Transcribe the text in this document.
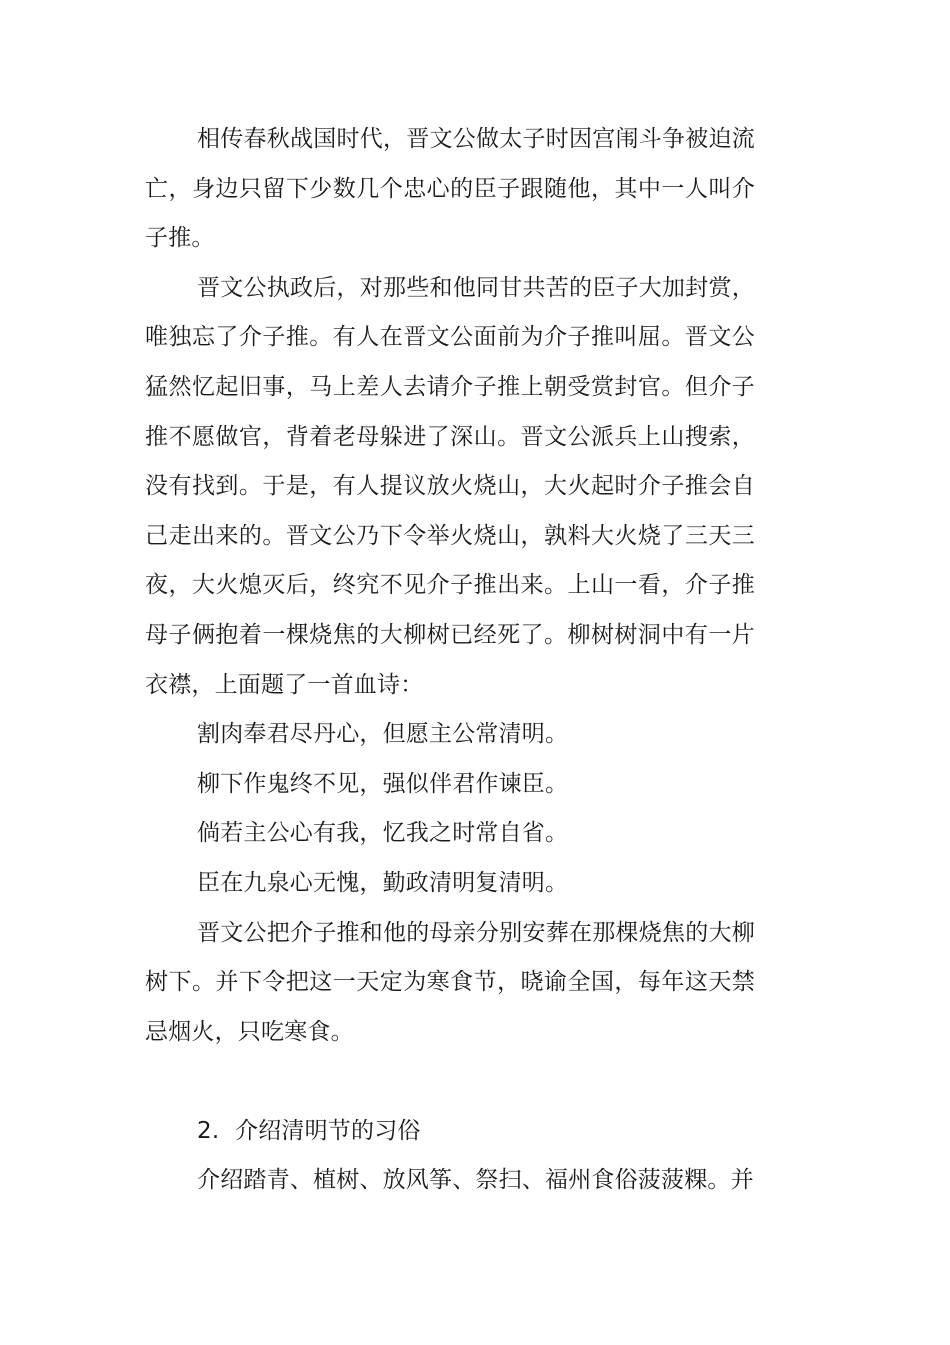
相传春秋战国时代，晋文公做太子时因宫闱斗争被迫流亡，身边只留下少数几个忠心的臣子跟随他，其中一人叫介子推。

晋文公执政后，对那些和他同甘共苦的臣子大加封赏，唯独忘了介子推。有人在晋文公面前为介子推叫屈。晋文公猛然忆起旧事，马上差人去请介子推上朝受赏封官。但介子推不愿做官，背着老母躲进了深山。晋文公派兵上山搜索，没有找到。于是，有人提议放火烧山，大火起时介子推会自己走出来的。晋文公乃下令举火烧山，孰料大火烧了三天三夜，大火熄灭后，终究不见介子推出来。上山一看，介子推母子俩抱着一棵烧焦的大柳树已经死了。柳树树洞中有一片衣襟，上面题了一首血诗：

割肉奉君尽丹心，但愿主公常清明。

柳下作鬼终不见，强似伴君作谏臣。

倘若主公心有我，忆我之时常自省。

臣在九泉心无愧，勤政清明复清明。

晋文公把介子推和他的母亲分别安葬在那棵烧焦的大柳树下。并下令把这一天定为寒食节，晓谕全国，每年这天禁忌烟火，只吃寒食。

2. 介绍清明节的习俗

介绍踏青、植树、放风筝、祭扫、福州食俗菠菠粿。并
